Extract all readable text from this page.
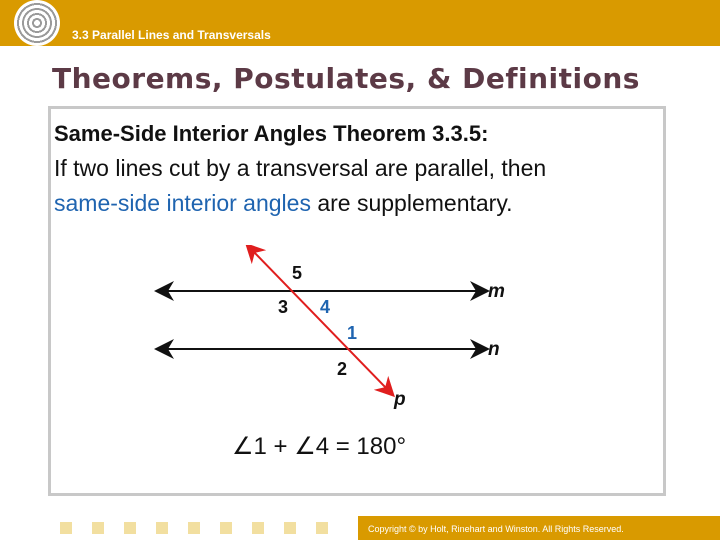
3.3 Parallel Lines and Transversals
Theorems, Postulates, & Definitions
Same-Side Interior Angles Theorem 3.3.5:
If two lines cut by a transversal are parallel, then
same-side interior angles are supplementary.
5
3 4
1
2
m
n
p
∠1 + ∠4 = 180°
Copyright © by Holt, Rinehart and Winston. All Rights Reserved.
